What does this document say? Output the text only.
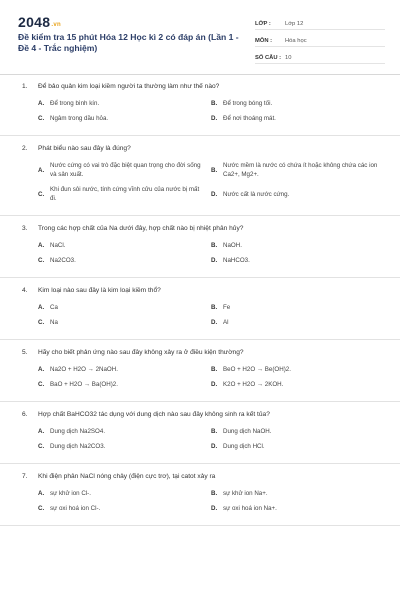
2048.vn
Đề kiểm tra 15 phút Hóa 12 Học kì 2 có đáp án (Lần 1 - Đề 4 - Trắc nghiệm)
LỚP :	Lớp 12
MÔN :	Hóa học
SỐ CÂU : 10
1.	Để bảo quản kim loại kiềm người ta thường làm như thế nào?
A. Để trong bình kín.	B. Để trong bóng tối.
C. Ngâm trong dầu hỏa.	D. Để nơi thoáng mát.
2.	Phát biểu nào sau đây là đúng?
A.
Nước cứng có vai trò đặc biệt quan trọng cho đời sống và sản xuất.
B.
Nước mềm là nước có chứa ít hoặc không chứa các ion Ca2+, Mg2+.
C.
Khi đun sôi nước, tính cứng vĩnh cửu của nước bị mất đi.
D. Nước cất là nước cứng.
3.	Trong các hợp chất của Na dưới đây, hợp chất nào bị nhiệt phân hủy?
A. NaCl.	B. NaOH.
C. Na2CO3.	D. NaHCO3.
4.	Kim loại nào sau đây là kim loại kiềm thổ?
A. Ca	B. Fe
C. Na	D. Al
5.	Hãy cho biết phản ứng nào sau đây không xảy ra ở điều kiện thường?
A. Na2O + H2O → 2NaOH.	B. BeO + H2O → Be(OH)2.
C. BaO + H2O → Ba(OH)2.	D. K2O + H2O → 2KOH.
6.	Hợp chất BaHCO32 tác dụng với dung dịch nào sau đây không sinh ra kết tủa?
A. Dung dịch Na2SO4.	B. Dung dịch NaOH.
C. Dung dịch Na2CO3.	D. Dung dịch HCl.
7.	Khi điện phân NaCl nóng chảy (điện cực trơ), tại catot xảy ra
A. sự khử ion Cl-.	B. sự khử ion Na+.
C. sự oxi hoá ion Cl-.	D. sự oxi hoá ion Na+.
